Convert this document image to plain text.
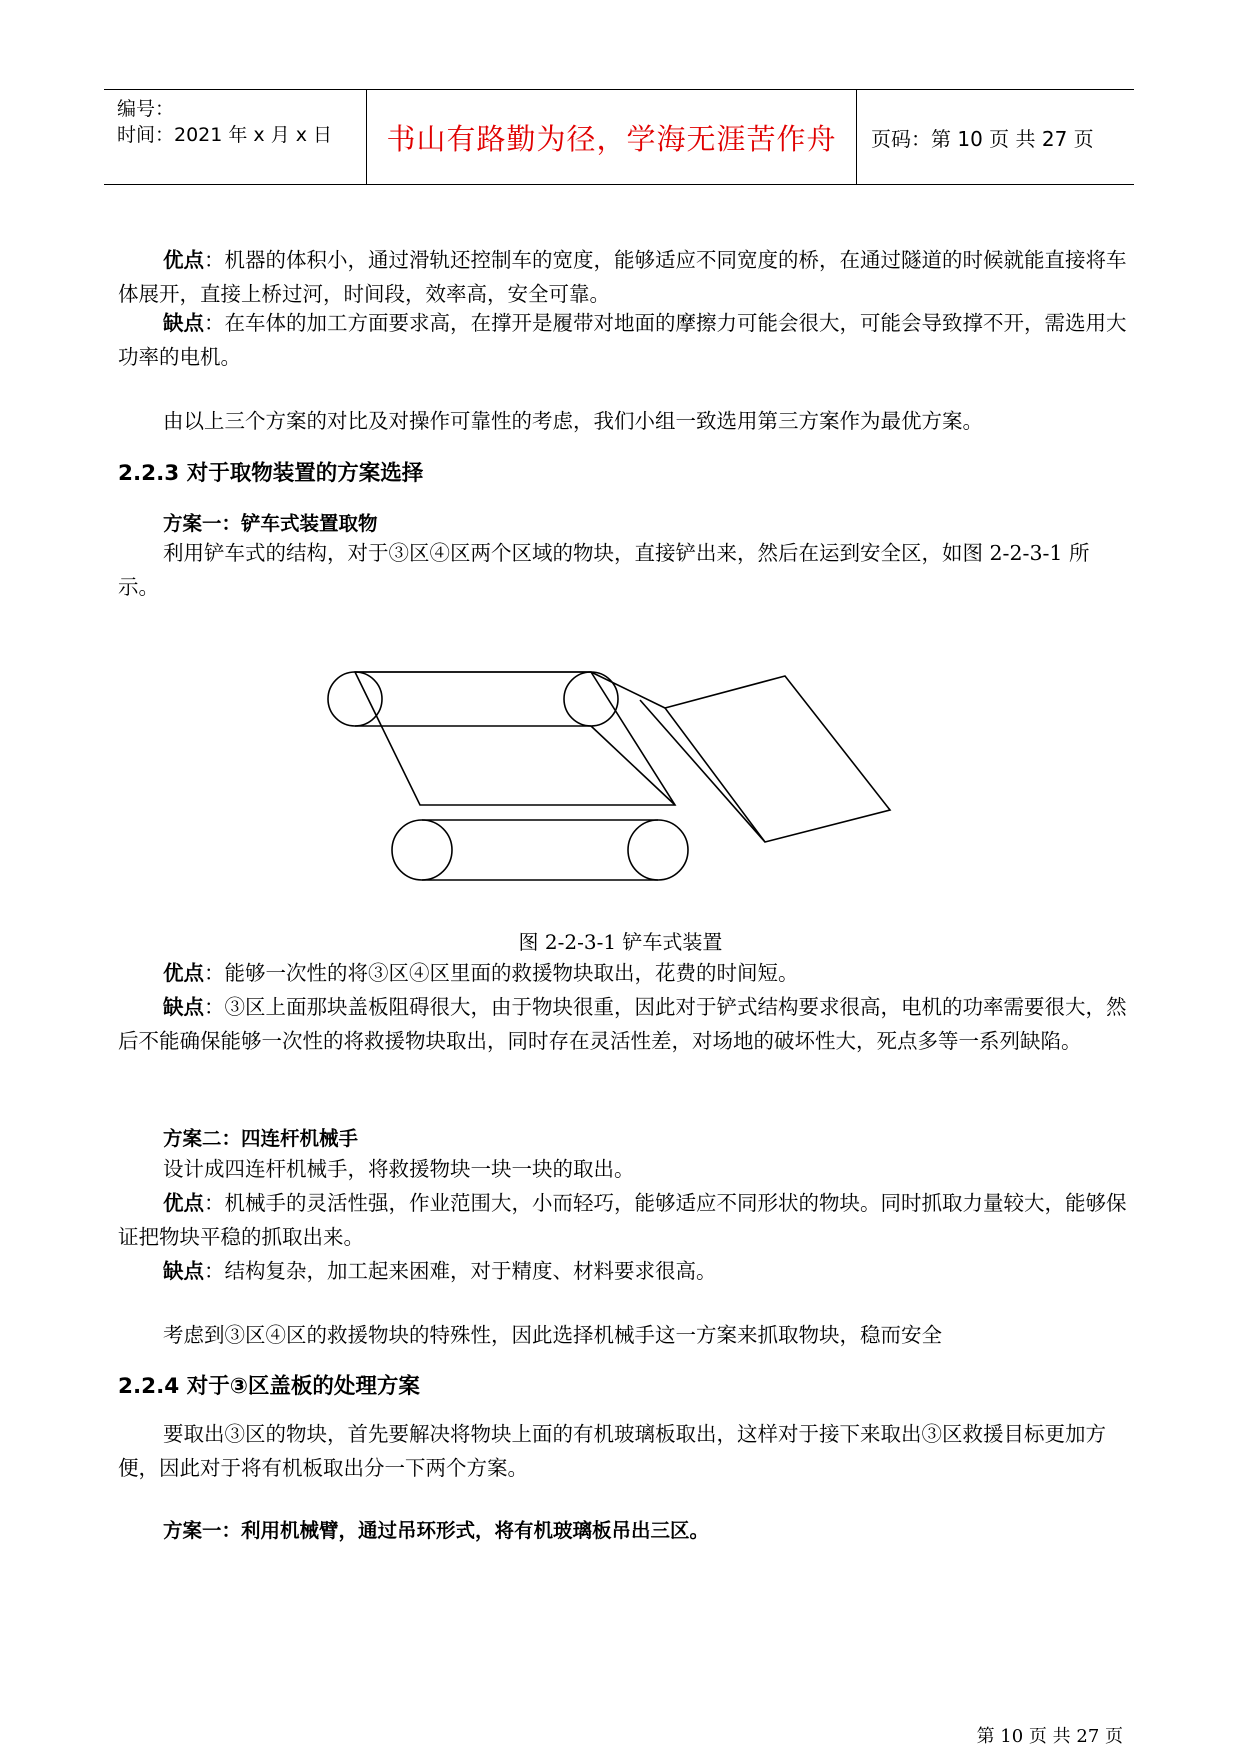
编号：
时间：2021 年 x 月 x 日 书山有路勤为径，学海无涯苦作舟 页码：第 10 页 共 27 页
优点：机器的体积小，通过滑轨还控制车的宽度，能够适应不同宽度的桥，在通过隧道的时候就能直接将车体展开，直接上桥过河，时间段，效率高，安全可靠。
缺点：在车体的加工方面要求高，在撑开是履带对地面的摩擦力可能会很大，可能会导致撑不开，需选用大功率的电机。
由以上三个方案的对比及对操作可靠性的考虑，我们小组一致选用第三方案作为最优方案。
2.2.3 对于取物装置的方案选择
方案一：铲车式装置取物
利用铲车式的结构，对于③区④区两个区域的物块，直接铲出来，然后在运到安全区，如图 2-2-3-1 所示。
图 2-2-3-1 铲车式装置
优点：能够一次性的将③区④区里面的救援物块取出，花费的时间短。
缺点：③区上面那块盖板阻碍很大，由于物块很重，因此对于铲式结构要求很高，电机的功率需要很大，然后不能确保能够一次性的将救援物块取出，同时存在灵活性差，对场地的破坏性大，死点多等一系列缺陷。
方案二：四连杆机械手
设计成四连杆机械手，将救援物块一块一块的取出。
优点：机械手的灵活性强，作业范围大，小而轻巧，能够适应不同形状的物块。同时抓取力量较大，能够保证把物块平稳的抓取出来。
缺点：结构复杂，加工起来困难，对于精度、材料要求很高。
考虑到③区④区的救援物块的特殊性，因此选择机械手这一方案来抓取物块，稳而安全
2.2.4 对于③区盖板的处理方案
要取出③区的物块，首先要解决将物块上面的有机玻璃板取出，这样对于接下来取出③区救援目标更加方便，因此对于将有机板取出分一下两个方案。
方案一：利用机械臂，通过吊环形式，将有机玻璃板吊出三区。
第 10 页 共 27 页
